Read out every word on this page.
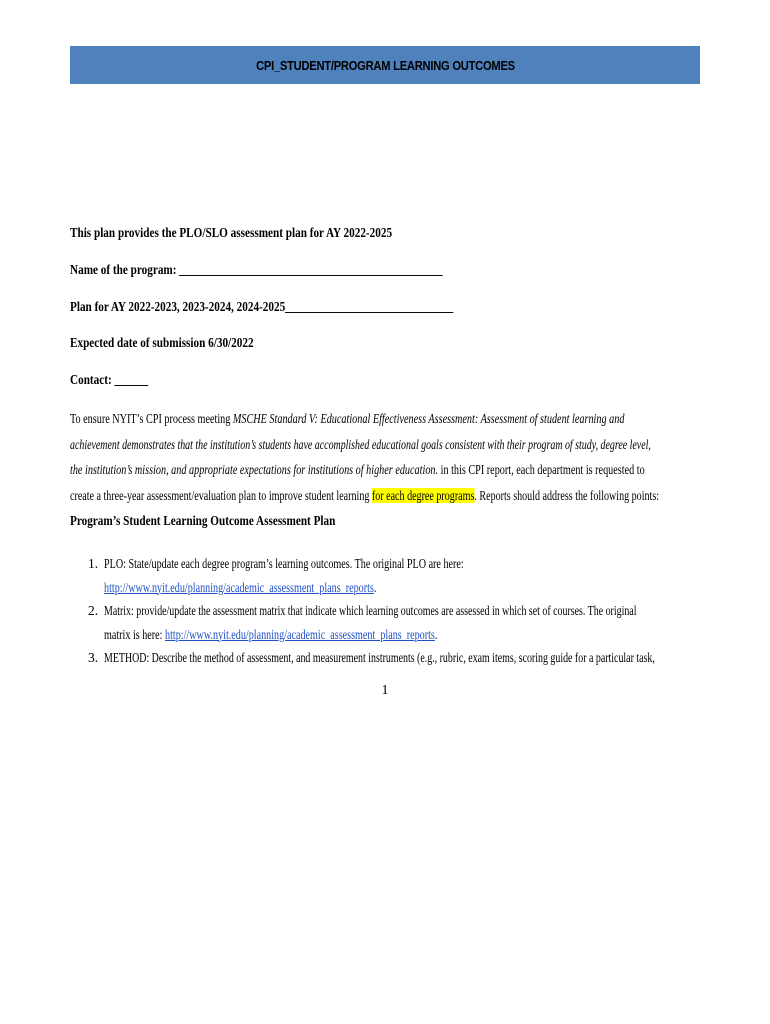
CPI_STUDENT/PROGRAM LEARNING OUTCOMES
This plan provides the PLO/SLO assessment plan for AY 2022-2025
Name of the program: _______________________________________________
Plan for AY 2022-2023, 2023-2024, 2024-2025______________________________
Expected date of submission 6/30/2022
Contact: ______
To ensure NYIT’s CPI process meeting MSCHE Standard V: Educational Effectiveness Assessment: Assessment of student learning and
achievement demonstrates that the institution’s students have accomplished educational goals consistent with their program of study, degree level,
the institution’s mission, and appropriate expectations for institutions of higher education. in this CPI report, each department is requested to
create a three-year assessment/evaluation plan to improve student learning for each degree programs. Reports should address the following points:
Program’s Student Learning Outcome Assessment Plan
1. PLO: State/update each degree program’s learning outcomes. The original PLO are here:
http://www.nyit.edu/planning/academic_assessment_plans_reports.
2. Matrix: provide/update the assessment matrix that indicate which learning outcomes are assessed in which set of courses. The original
matrix is here: http://www.nyit.edu/planning/academic_assessment_plans_reports.
3. METHOD: Describe the method of assessment, and measurement instruments (e.g., rubric, exam items, scoring guide for a particular task,
1
